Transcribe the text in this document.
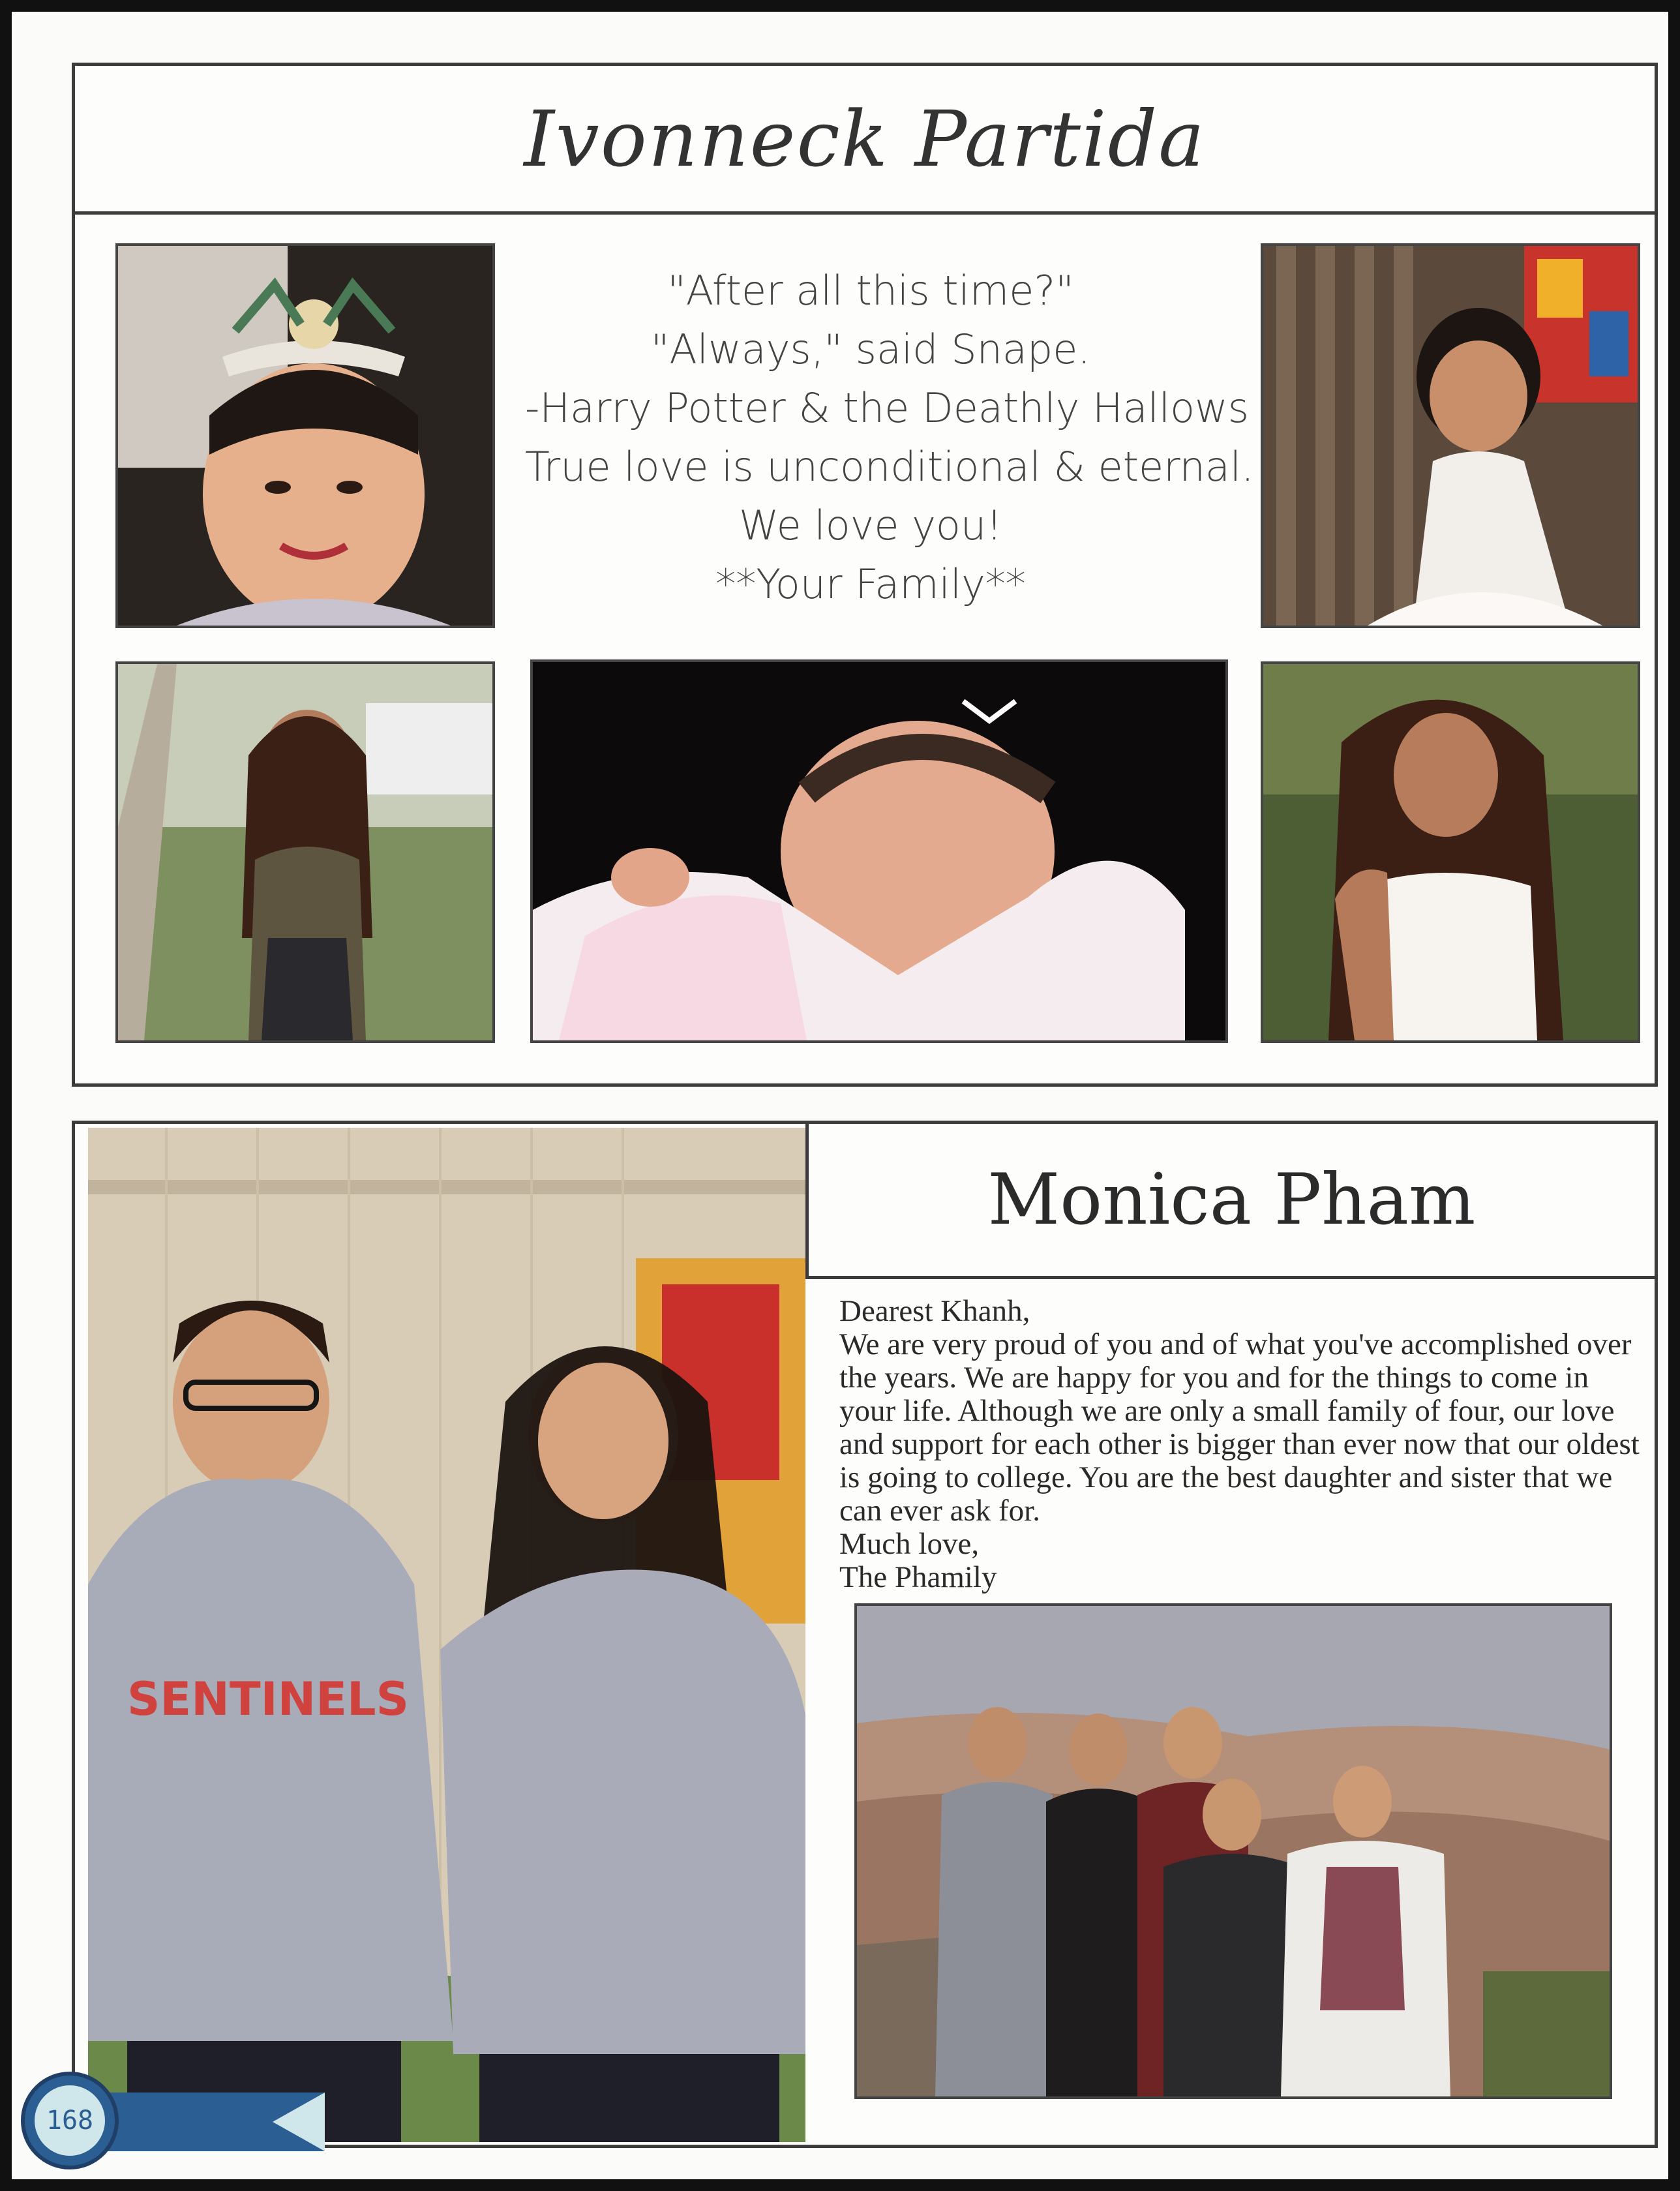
Ivonneck Partida
"After all this time?"
"Always," said Snape.
-Harry Potter & the Deathly Hallows
True love is unconditional & eternal.
We love you!
**Your Family**
SENTINELS
Monica Pham

Dearest Khanh,

We are very proud of you and of what you've accomplished over the years. We are happy for you and for the things to come in your life. Although we are only a small family of four, our love and support for each other is bigger than ever now that our oldest is going to college. You are the best daughter and sister that we can ever ask for.

Much love,

The Phamily

168
